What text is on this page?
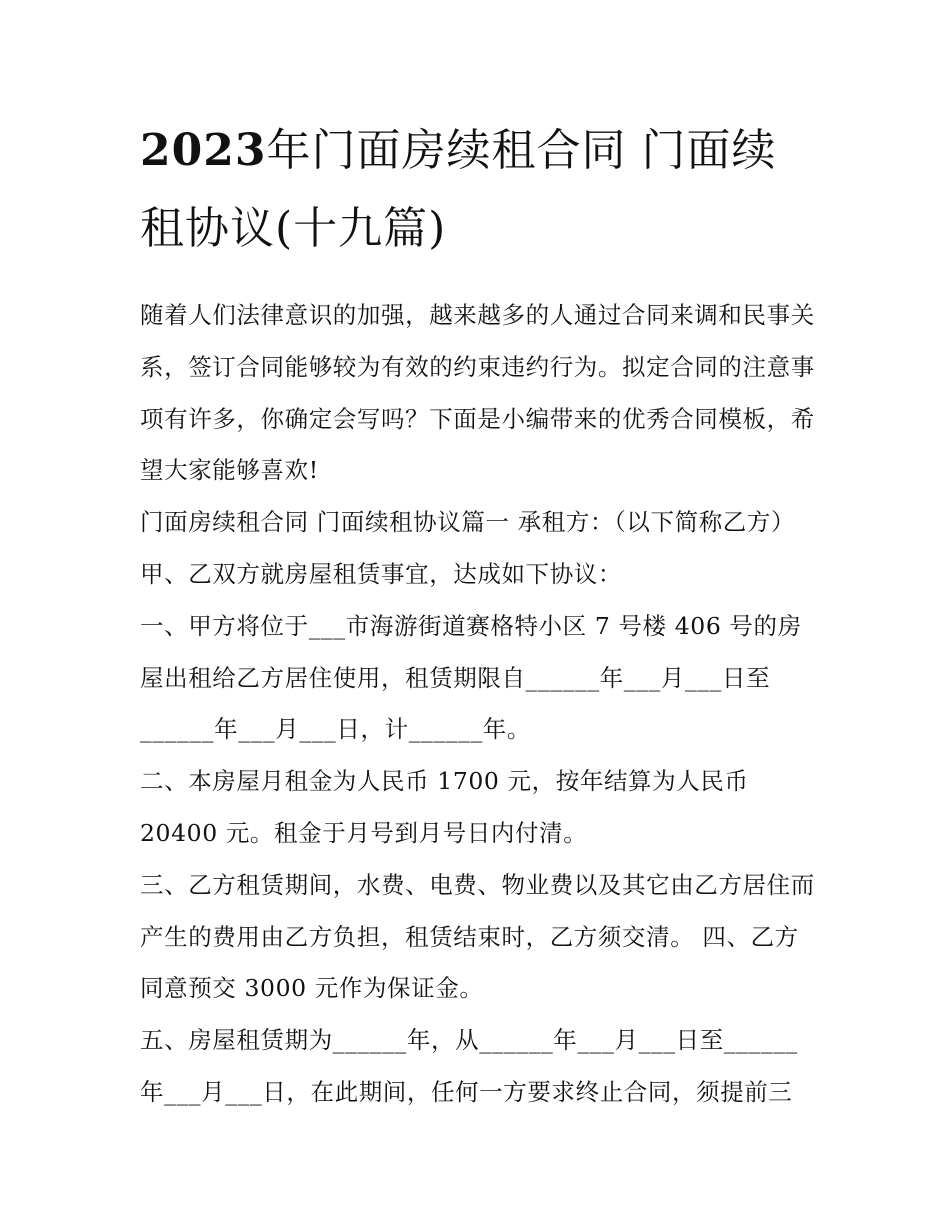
2023年门面房续租合同 门面续租协议(十九篇)

随着人们法律意识的加强，越来越多的人通过合同来调和民事关系，签订合同能够较为有效的约束违约行为。拟定合同的注意事项有许多，你确定会写吗？下面是小编带来的优秀合同模板，希望大家能够喜欢!

门面房续租合同 门面续租协议篇一 承租方：（以下简称乙方） 甲、乙双方就房屋租赁事宜，达成如下协议：

一、甲方将位于___市海游街道赛格特小区 7 号楼 406 号的房屋出租给乙方居住使用，租赁期限自______年___月___日至______年___月___日，计______年。

二、本房屋月租金为人民币 1700 元，按年结算为人民币20400 元。租金于月号到月号日内付清。

三、乙方租赁期间，水费、电费、物业费以及其它由乙方居住而产生的费用由乙方负担，租赁结束时，乙方须交清。 四、乙方同意预交 3000 元作为保证金。

五、房屋租赁期为______年，从______年___月___日至______年___月___日，在此期间，任何一方要求终止合同，须提前三
